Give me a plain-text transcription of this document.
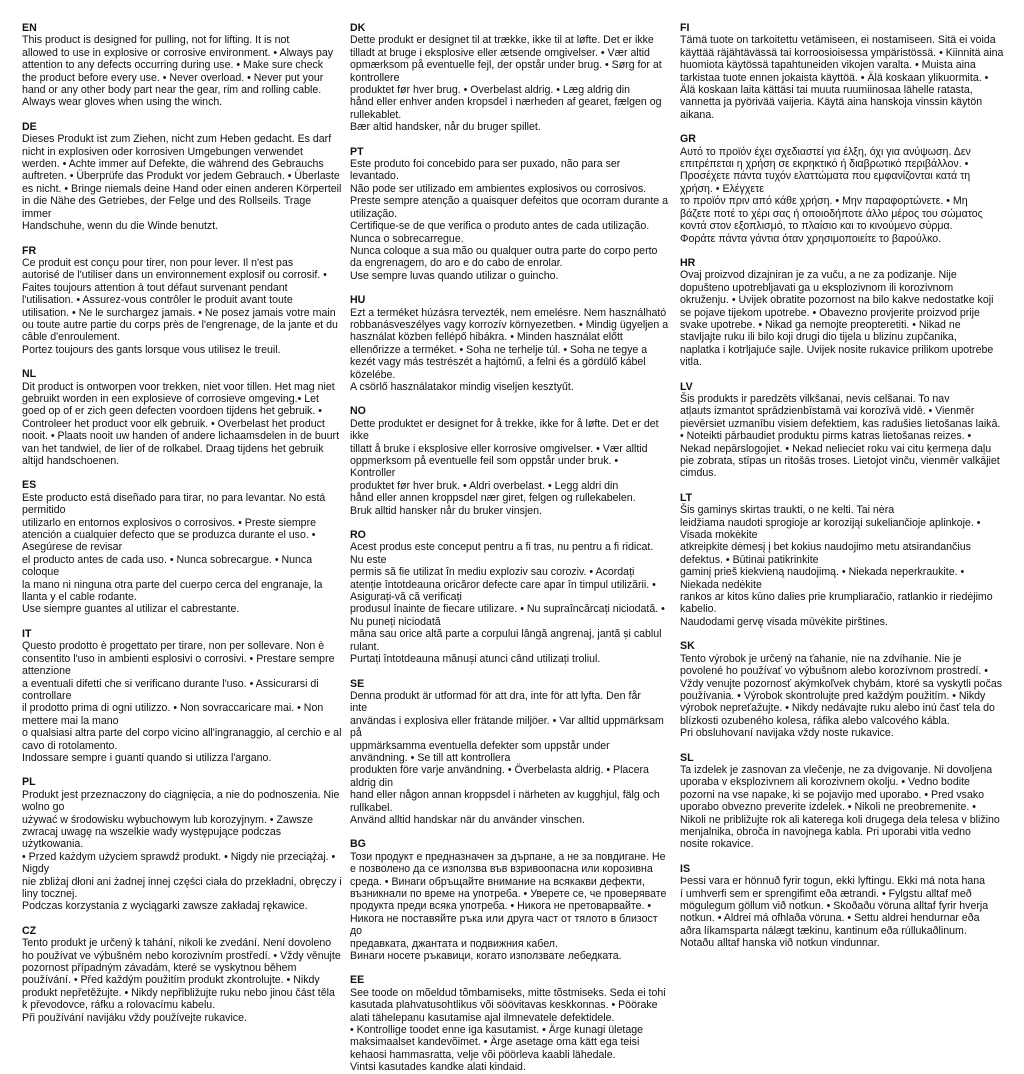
EN
This product is designed for pulling, not for lifting. It is not
allowed to use in explosive or corrosive environment. • Always pay
attention to any defects occurring during use. • Make sure check
the product before every use. • Never overload. • Never put your
hand or any other body part near the gear, rim and rolling cable.
Always wear gloves when using the winch.
DE
Dieses Produkt ist zum Ziehen, nicht zum Heben gedacht. Es darf
nicht in explosiven oder korrosiven Umgebungen verwendet
werden. • Achte immer auf Defekte, die während des Gebrauchs
auftreten. • Überprüfe das Produkt vor jedem Gebrauch. • Überlaste
es nicht. • Bringe niemals deine Hand oder einen anderen Körperteil
in die Nähe des Getriebes, der Felge und des Rollseils. Trage immer
Handschuhe, wenn du die Winde benutzt.
FR
Ce produit est conçu pour tirer, non pour lever. Il n'est pas
autorisé de l'utiliser dans un environnement explosif ou corrosif. •
Faites toujours attention à tout défaut survenant pendant
l'utilisation. • Assurez-vous contrôler le produit avant toute
utilisation. • Ne le surchargez jamais. • Ne posez jamais votre main
ou toute autre partie du corps près de l'engrenage, de la jante et du
câble d'enroulement.
Portez toujours des gants lorsque vous utilisez le treuil.
NL
Dit product is ontworpen voor trekken, niet voor tillen. Het mag niet
gebruikt worden in een explosieve of corrosieve omgeving.• Let
goed op of er zich geen defecten voordoen tijdens het gebruik. •
Controleer het product voor elk gebruik. • Overbelast het product
nooit. • Plaats nooit uw handen of andere lichaamsdelen in de buurt
van het tandwiel, de lier of de rolkabel. Draag tijdens het gebruik
altijd handschoenen.
ES
Este producto está diseñado para tirar, no para levantar. No está
permitido
utilizarlo en entornos explosivos o corrosivos. • Preste siempre
atención a cualquier defecto que se produzca durante el uso. •
Asegúrese de revisar
el producto antes de cada uso. • Nunca sobrecargue. • Nunca
coloque
la mano ni ninguna otra parte del cuerpo cerca del engranaje, la
llanta y el cable rodante.
Use siempre guantes al utilizar el cabrestante.
IT
Questo prodotto è progettato per tirare, non per sollevare. Non è
consentito l'uso in ambienti esplosivi o corrosivi. • Prestare sempre
attenzione
a eventuali difetti che si verificano durante l'uso. • Assicurarsi di
controllare
il prodotto prima di ogni utilizzo. • Non sovraccaricare mai. • Non
mettere mai la mano
o qualsiasi altra parte del corpo vicino all'ingranaggio, al cerchio e al
cavo di rotolamento.
Indossare sempre i guanti quando si utilizza l'argano.
PL
Produkt jest przeznaczony do ciągnięcia, a nie do podnoszenia. Nie
wolno go
używać w środowisku wybuchowym lub korozyjnym. • Zawsze
zwracaj uwagę na wszelkie wady występujące podczas użytkowania.
• Przed każdym użyciem sprawdź produkt. • Nigdy nie przeciążaj. •
Nigdy
nie zbliżaj dłoni ani żadnej innej części ciała do przekładni, obręczy i
liny tocznej.
Podczas korzystania z wyciągarki zawsze zakładaj rękawice.
CZ
Tento produkt je určený k tahání, nikoli ke zvedání. Není dovoleno
ho používat ve výbušném nebo korozivním prostředí. • Vždy věnujte
pozornost případným závadám, které se vyskytnou během
používání. • Před každým použitím produkt zkontrolujte. • Nikdy
produkt nepřetěžujte. • Nikdy nepřibližujte ruku nebo jinou část těla
k převodovce, ráfku a rolovacímu kabelu.
Při používání navijáku vždy používejte rukavice.
DK
Dette produkt er designet til at trække, ikke til at løfte. Det er ikke
tilladt at bruge i eksplosive eller ætsende omgivelser. • Vær altid
opmærksom på eventuelle fejl, der opstår under brug. • Sørg for at
kontrollere
produktet før hver brug. • Overbelast aldrig. • Læg aldrig din
hånd eller enhver anden kropsdel i nærheden af gearet, fælgen og
rullekablet.
Bær altid handsker, når du bruger spillet.
PT
Este produto foi concebido para ser puxado, não para ser levantado.
Não pode ser utilizado em ambientes explosivos ou corrosivos.
Preste sempre atenção a quaisquer defeitos que ocorram durante a
utilização.
Certifique-se de que verifica o produto antes de cada utilização.
Nunca o sobrecarregue.
Nunca coloque a sua mão ou qualquer outra parte do corpo perto
da engrenagem, do aro e do cabo de enrolar.
Use sempre luvas quando utilizar o guincho.
HU
Ezt a terméket húzásra tervezték, nem emelésre. Nem használható
robbanásveszélyes vagy korrozív környezetben. • Mindig ügyeljen a
használat közben fellépő hibákra. • Minden használat előtt
ellenőrizze a terméket. • Soha ne terhelje túl. • Soha ne tegye a
kezét vagy más testrészét a hajtómű, a felni és a gördülő kábel
közelébe.
A csörlő használatakor mindig viseljen kesztyűt.
NO
Dette produktet er designet for å trekke, ikke for å løfte. Det er det
ikke
tillatt å bruke i eksplosive eller korrosive omgivelser. • Vær alltid
oppmerksom på eventuelle feil som oppstår under bruk. •
Kontroller
produktet før hver bruk. • Aldri overbelast. • Legg aldri din
hånd eller annen kroppsdel nær giret, felgen og rullekabelen.
Bruk alltid hansker når du bruker vinsjen.
RO
Acest produs este conceput pentru a fi tras, nu pentru a fi ridicat.
Nu este
permis să fie utilizat în mediu exploziv sau coroziv. • Acordați
atenție întotdeauna oricăror defecte care apar în timpul utilizării. •
Asigurați-vă că verificați
produsul înainte de fiecare utilizare. • Nu supraîncărcați niciodată. •
Nu puneți niciodată
mâna sau orice altă parte a corpului lângă angrenaj, jantă și cablul
rulant.
Purtați întotdeauna mănuși atunci când utilizați troliul.
SE
Denna produkt är utformad för att dra, inte för att lyfta. Den får
inte
användas i explosiva eller frätande miljöer. • Var alltid uppmärksam
på
uppmärksamma eventuella defekter som uppstår under
användning. • Se till att kontrollera
produkten före varje användning. • Överbelasta aldrig. • Placera
aldrig din
hand eller någon annan kroppsdel i närheten av kugghjul, fälg och
rullkabel.
Använd alltid handskar när du använder vinschen.
BG
Този продукт е предназначен за дърпане, а не за повдигане. Не
е позволено да се използва във взривоопасна или корозивна
среда. • Винаги обръщайте внимание на всякакви дефекти,
възникнали по време на употреба. • Уверете се, че проверявате
продукта преди всяка употреба. • Никога не претоварвайте. •
Никога не поставяйте ръка или друга част от тялото в близост до
предавката, джантата и подвижния кабел.
Винаги носете ръкавици, когато използвате лебедката.
EE
See toode on mõeldud tõmbamiseks, mitte tõstmiseks. Seda ei tohi
kasutada plahvatusohtlikus või söövitavas keskkonnas. • Pöörake
alati tähelepanu kasutamise ajal ilmnevatele defektidele.
• Kontrollige toodet enne iga kasutamist. • Ärge kunagi ületage
maksimaalset kandevõimet. • Ärge asetage oma kätt ega teisi
kehaosi hammasratta, velje või pöörleva kaabli lähedale.
Vintsi kasutades kandke alati kindaid.
FI
Tämä tuote on tarkoitettu vetämiseen, ei nostamiseen. Sitä ei voida
käyttää räjähtävässä tai korroosioisessa ympäristössä. • Kiinnitä aina
huomiota käytössä tapahtuneiden vikojen varalta. • Muista aina
tarkistaa tuote ennen jokaista käyttöä. • Älä koskaan ylikuormita. •
Älä koskaan laita kättäsi tai muuta ruumiinosaa lähelle ratasta,
vannetta ja pyörivää vaijeria. Käytä aina hanskoja vinssin käytön
aikana.
GR
Αυτό το προϊόν έχει σχεδιαστεί για έλξη, όχι για ανύψωση. Δεν
επιτρέπεται η χρήση σε εκρηκτικό ή διαβρωτικό περιβάλλον. •
Προσέχετε πάντα τυχόν ελαττώματα που εμφανίζονται κατά τη
χρήση. • Ελέγχετε
το προϊόν πριν από κάθε χρήση. • Μην παραφορτώνετε. • Μη
βάζετε ποτέ το χέρι σας ή οποιοδήποτε άλλο μέρος του σώματος
κοντά στον εξοπλισμό, το πλαίσιο και το κινούμενο σύρμα.
Φοράτε πάντα γάντια όταν χρησιμοποιείτε το βαρούλκο.
HR
Ovaj proizvod dizajniran je za vuču, a ne za podizanje. Nije
dopušteno upotrebljavati ga u eksplozivnom ili korozivnom
okruženju. • Uvijek obratite pozornost na bilo kakve nedostatke koji
se pojave tijekom upotrebe. • Obavezno provjerite proizvod prije
svake upotrebe. • Nikad ga nemojte preopteretiti. • Nikad ne
stavljajte ruku ili bilo koji drugi dio tijela u blizinu zupčanika,
naplatka i kotrljajuće sajle. Uvijek nosite rukavice prilikom upotrebe
vitla.
LV
Šis produkts ir paredzēts vilkšanai, nevis celšanai. To nav
atļauts izmantot sprādzienbīstamā vai korozīvā vidē. • Vienmēr
pievērsiet uzmanību visiem defektiem, kas radušies lietošanas laikā.
• Noteikti pārbaudiet produktu pirms katras lietošanas reizes. •
Nekad nepārslogojiet. • Nekad nelieciet roku vai citu ķermeņa daļu
pie zobrata, stīpas un ritošās troses. Lietojot vinču, vienmēr valkājiet
cimdus.
LT
Šis gaminys skirtas traukti, o ne kelti. Tai nėra
leidžiama naudoti sprogioje ar korozijąi sukeliančioje aplinkoje. •
Visada mokėkite
atkreipkite dėmesį į bet kokius naudojimo metu atsirandančius
defektus. • Būtinai patikrinkite
gaminį prieš kiekvieną naudojimą. • Niekada neperkraukite. •
Niekada nedėkite
rankos ar kitos kūno dalies prie krumpliaračio, ratlankio ir riedėjimo
kabelio.
Naudodami gervę visada mūvėkite pirštines.
SK
Tento výrobok je určený na ťahanie, nie na zdvíhanie. Nie je
povolené ho používať vo výbušnom alebo korozívnom prostredí. •
Vždy venujte pozornosť akýmkoľvek chybám, ktoré sa vyskytli počas
používania. • Výrobok skontrolujte pred každým použitím. • Nikdy
výrobok nepreťažujte. • Nikdy nedávajte ruku alebo inú časť tela do
blízkosti ozubeného kolesa, ráfika alebo valcového kábla.
Pri obsluhovaní navijaka vždy noste rukavice.
SL
Ta izdelek je zasnovan za vlečenje, ne za dvigovanje. Ni dovoljena
uporaba v eksplozivnem ali korozivnem okolju. • Vedno bodite
pozorni na vse napake, ki se pojavijo med uporabo. • Pred vsako
uporabo obvezno preverite izdelek. • Nikoli ne preobremenite. •
Nikoli ne približujte rok ali katerega koli drugega dela telesa v bližino
menjalnika, obroča in navojnega kabla. Pri uporabi vitla vedno
nosite rokavice.
IS
Þessi vara er hönnuð fyrir togun, ekki lyftingu. Ekki má nota hana
í umhverfi sem er sprengifimt eða ætrandi. • Fylgstu alltaf með
mögulegum göllum við notkun. • Skoðaðu vöruna alltaf fyrir hverja
notkun. • Aldrei má ofhlaða vöruna. • Settu aldrei hendurnar eða
aðra líkamsparta nálægt tækinu, kantinum eða rúllukaðlinum.
Notaðu alltaf hanska við notkun vindunnar.
